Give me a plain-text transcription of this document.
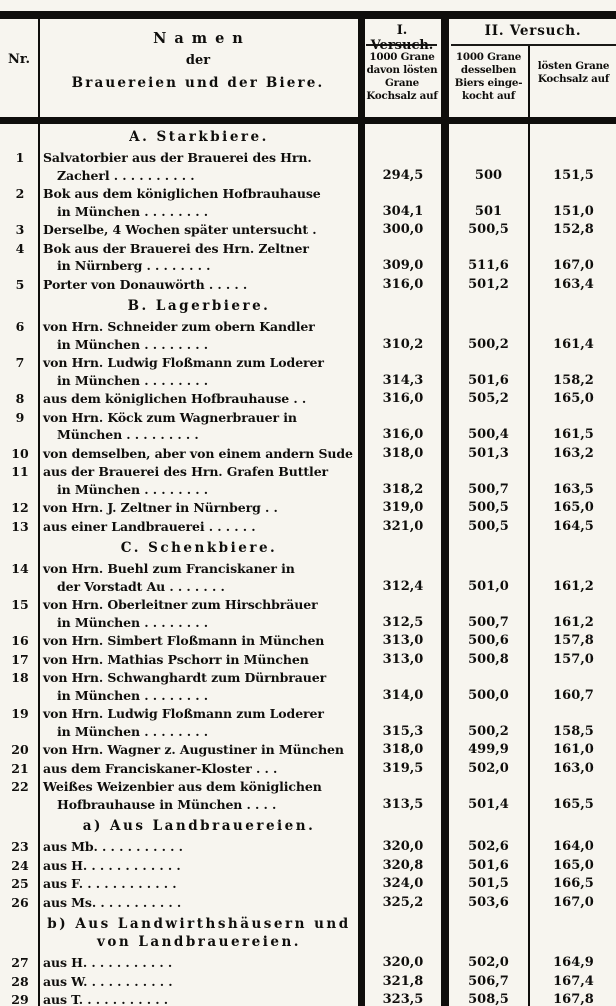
Nr.
Namen
der
Brauereien und der Biere.
I. Versuch.
II. Versuch.
1000 Grane
davon lösten
Grane
Kochsalz auf
1000 Grane
desselben
Biers einge-
kocht auf
lösten Grane
Kochsalz auf
A. Starkbiere.
1	Salvatorbier aus der Brauerei des Hrn.
Zacherl . . . . . . . . . .	294,5	500	151,5
2	Bok aus dem königlichen Hofbrauhause
in München . . . . . . . .	304,1	501	151,0
3	Derselbe, 4 Wochen später untersucht .	300,0	500,5	152,8
4	Bok aus der Brauerei des Hrn. Zeltner
in Nürnberg . . . . . . . .	309,0	511,6	167,0
5	Porter von Donauwörth . . . . .	316,0	501,2	163,4
B. Lagerbiere.
6	von Hrn. Schneider zum obern Kandler
in München . . . . . . . .	310,2	500,2	161,4
7	von Hrn. Ludwig Floßmann zum Loderer
in München . . . . . . . .	314,3	501,6	158,2
8	aus dem königlichen Hofbrauhause . .	316,0	505,2	165,0
9	von Hrn. Köck zum Wagnerbrauer in
München . . . . . . . . .	316,0	500,4	161,5
10	von demselben, aber von einem andern Sude	318,0	501,3	163,2
11	aus der Brauerei des Hrn. Grafen Buttler
in München . . . . . . . .	318,2	500,7	163,5
12	von Hrn. J. Zeltner in Nürnberg . .	319,0	500,5	165,0
13	aus einer Landbrauerei . . . . . .	321,0	500,5	164,5
C. Schenkbiere.
14	von Hrn. Buehl zum Franciskaner in
der Vorstadt Au . . . . . . .	312,4	501,0	161,2
15	von Hrn. Oberleitner zum Hirschbräuer
in München . . . . . . . .	312,5	500,7	161,2
16	von Hrn. Simbert Floßmann in München	313,0	500,6	157,8
17	von Hrn. Mathias Pschorr in München	313,0	500,8	157,0
18	von Hrn. Schwanghardt zum Dürnbrauer
in München . . . . . . . .	314,0	500,0	160,7
19	von Hrn. Ludwig Floßmann zum Loderer
in München . . . . . . . .	315,3	500,2	158,5
20	von Hrn. Wagner z. Augustiner in München	318,0	499,9	161,0
21	aus dem Franciskaner-Kloster . . .	319,5	502,0	163,0
22	Weißes Weizenbier aus dem königlichen
Hofbrauhause in München . . . .	313,5	501,4	165,5
a) Aus Landbrauereien.
23	aus Mb. . . . . . . . . . .	320,0	502,6	164,0
24	aus H. . . . . . . . . . . .	320,8	501,6	165,0
25	aus F. . . . . . . . . . . .	324,0	501,5	166,5
26	aus Ms. . . . . . . . . . .	325,2	503,6	167,0
b) Aus Landwirthshäusern und
von Landbrauereien.
27	aus H. . . . . . . . . . .	320,0	502,0	164,9
28	aus W. . . . . . . . . . .	321,8	506,7	167,4
29	aus T. . . . . . . . . . .	323,5	508,5	167,8
